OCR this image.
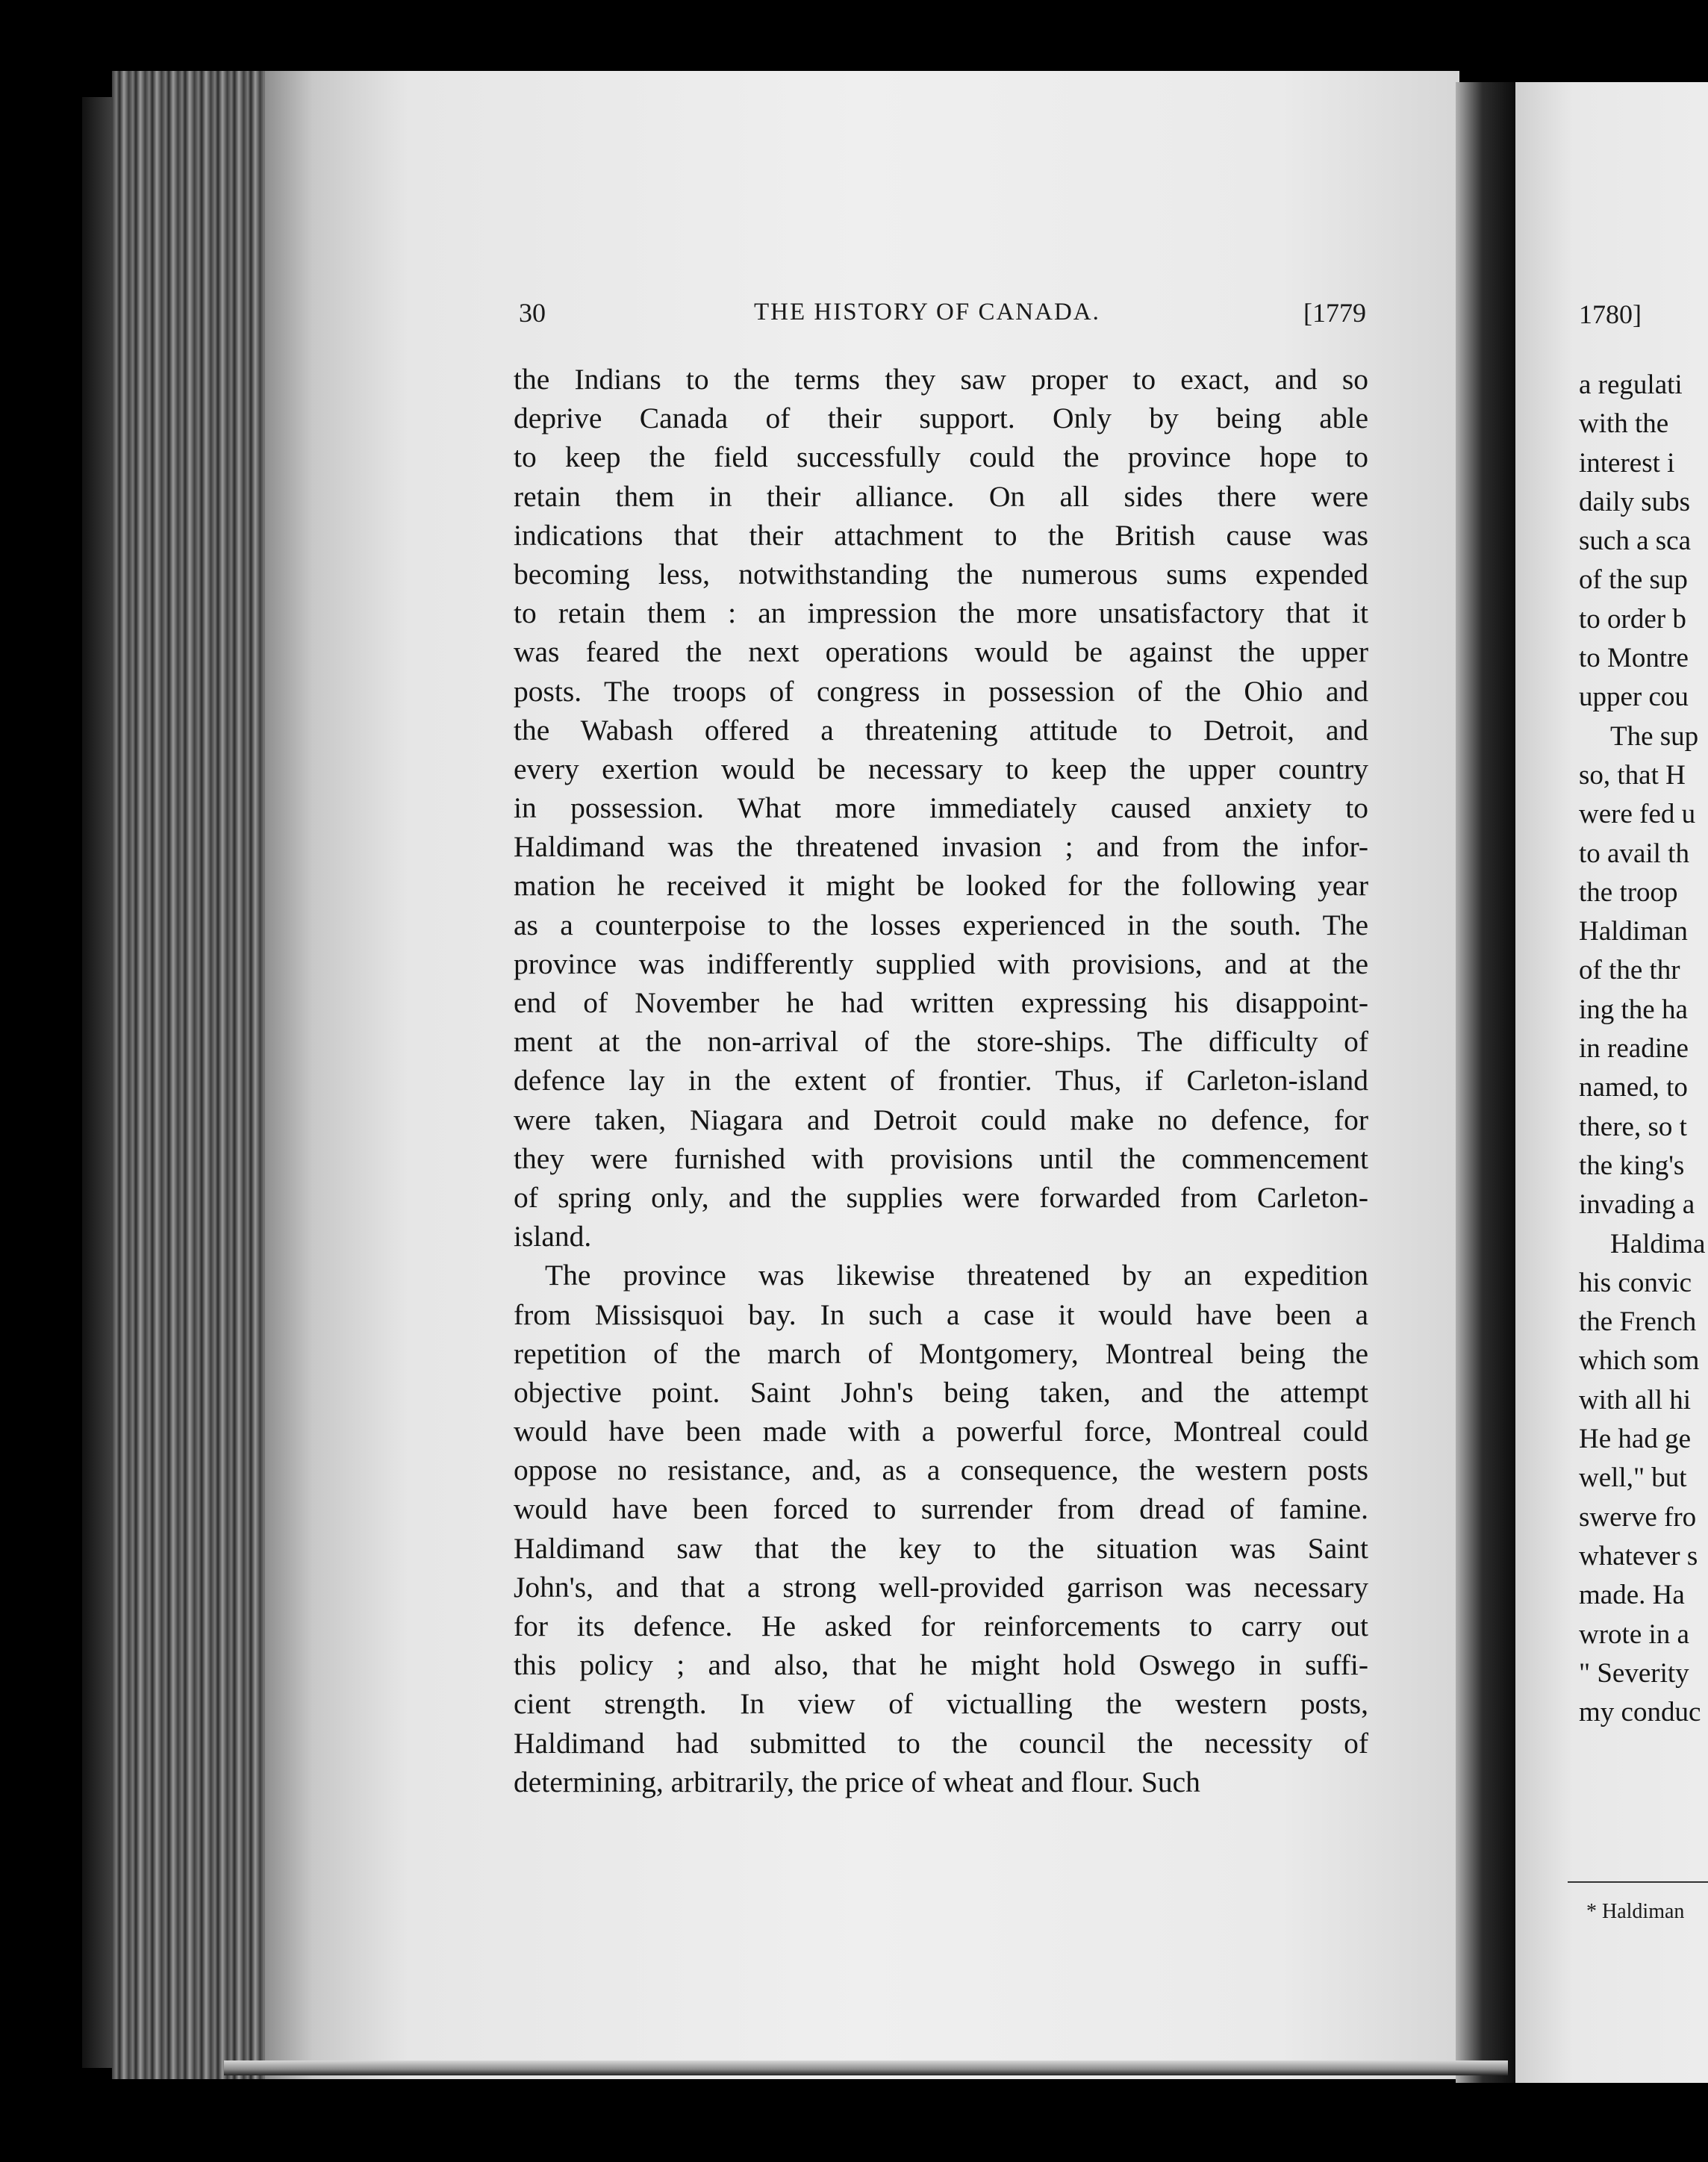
30	THE HISTORY OF CANADA.	[1779
the Indians to the terms they saw proper to exact, and so
deprive Canada of their support. Only by being able
to keep the field successfully could the province hope to
retain them in their alliance. On all sides there were
indications that their attachment to the British cause was
becoming less, notwithstanding the numerous sums expended
to retain them : an impression the more unsatisfactory that it
was feared the next operations would be against the upper
posts. The troops of congress in possession of the Ohio and
the Wabash offered a threatening attitude to Detroit, and
every exertion would be necessary to keep the upper country
in possession. What more immediately caused anxiety to
Haldimand was the threatened invasion ; and from the infor-
mation he received it might be looked for the following year
as a counterpoise to the losses experienced in the south. The
province was indifferently supplied with provisions, and at the
end of November he had written expressing his disappoint-
ment at the non-arrival of the store-ships. The difficulty of
defence lay in the extent of frontier. Thus, if Carleton-island
were taken, Niagara and Detroit could make no defence, for
they were furnished with provisions until the commencement
of spring only, and the supplies were forwarded from Carleton-
island.
The province was likewise threatened by an expedition
from Missisquoi bay. In such a case it would have been a
repetition of the march of Montgomery, Montreal being the
objective point. Saint John's being taken, and the attempt
would have been made with a powerful force, Montreal could
oppose no resistance, and, as a consequence, the western posts
would have been forced to surrender from dread of famine.
Haldimand saw that the key to the situation was Saint
John's, and that a strong well-provided garrison was necessary
for its defence. He asked for reinforcements to carry out
this policy ; and also, that he might hold Oswego in suffi-
cient strength. In view of victualling the western posts,
Haldimand had submitted to the council the necessity of
determining, arbitrarily, the price of wheat and flour. Such
1780]
a regulati
with the
interest i
daily subs
such a sca
of the sup
to order b
to Montre
upper cou
The sup
so, that H
were fed u
to avail th
the troop
Haldiman
of the thr
ing the ha
in readine
named, to
there, so t
the king's
invading a
Haldima
his convic
the French
which som
with all hi
He had ge
well," but
swerve fro
whatever s
made. Ha
wrote in a
" Severity
my conduc
* Haldiman
